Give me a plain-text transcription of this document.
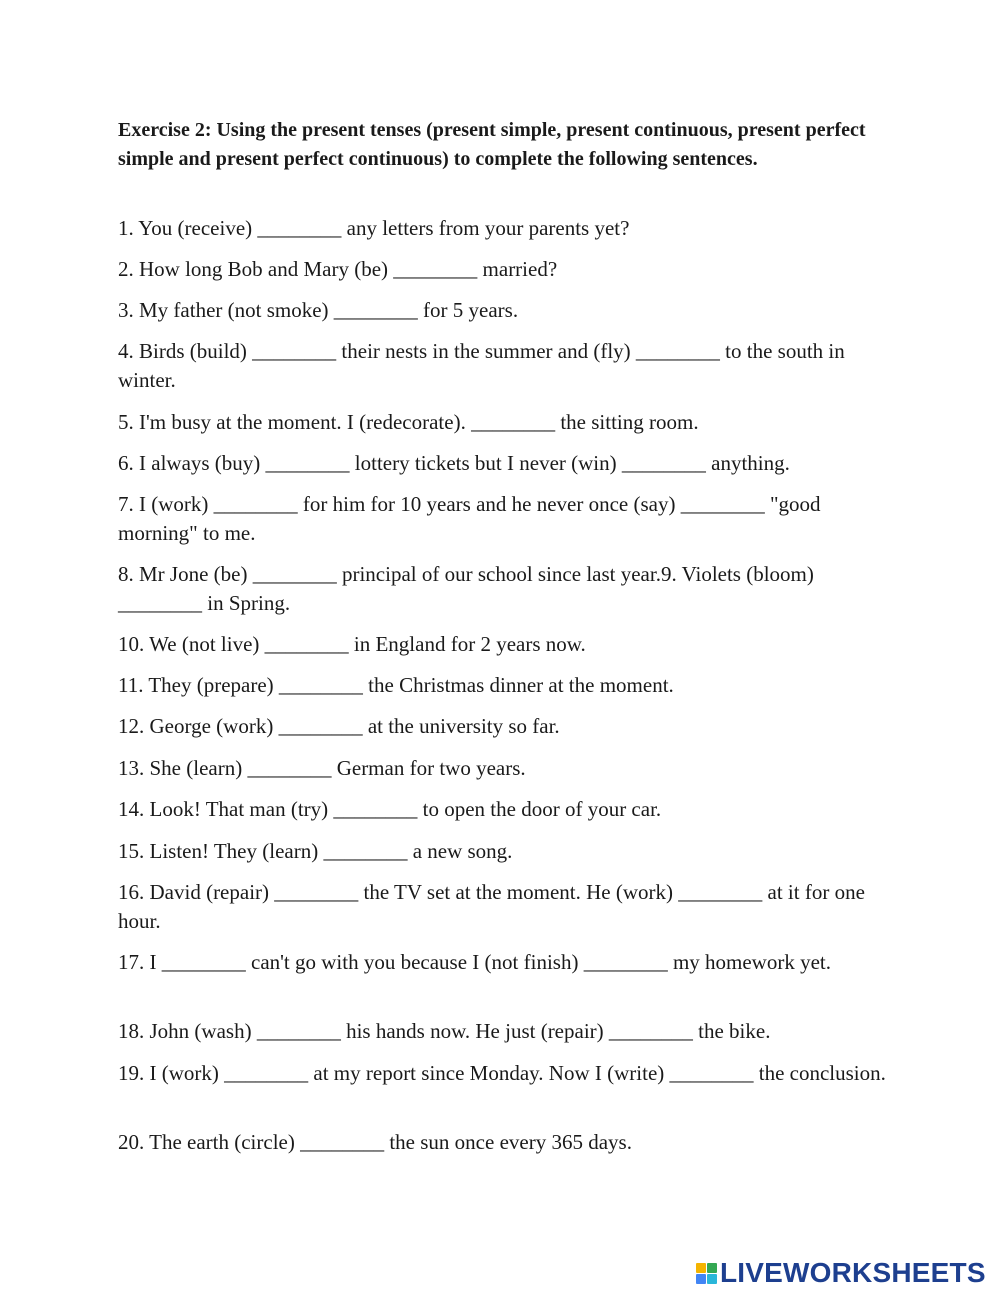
Exercise 2: Using the present tenses (present simple, present continuous, present perfect simple and present perfect continuous) to complete the following sentences.

1. You (receive) ________ any letters from your parents yet?

2. How long Bob and Mary (be) ________ married?

3. My father (not smoke) ________ for 5 years.

4. Birds (build) ________ their nests in the summer and (fly) ________ to the south in winter.

5. I'm busy at the moment. I (redecorate). ________ the sitting room.

6. I always (buy) ________ lottery tickets but I never (win) ________ anything.

7. I (work) ________ for him for 10 years and he never once (say) ________ "good morning" to me.

8. Mr Jone (be) ________ principal of our school since last year.9. Violets (bloom) ________ in Spring.

10. We (not live) ________ in England for 2 years now.

11. They (prepare) ________ the Christmas dinner at the moment.

12. George (work) ________ at the university so far.

13. She (learn) ________ German for two years.

14. Look! That man (try) ________ to open the door of your car.

15. Listen! They (learn) ________ a new song.

16. David (repair) ________ the TV set at the moment. He (work) ________ at it for one hour.

17. I ________ can't go with you because I (not finish) ________ my homework yet.

18. John (wash) ________ his hands now. He just (repair) ________ the bike.

19. I (work) ________ at my report since Monday. Now I (write) ________ the conclusion.

20. The earth (circle) ________ the sun once every 365 days.

LIVEWORKSHEETS
